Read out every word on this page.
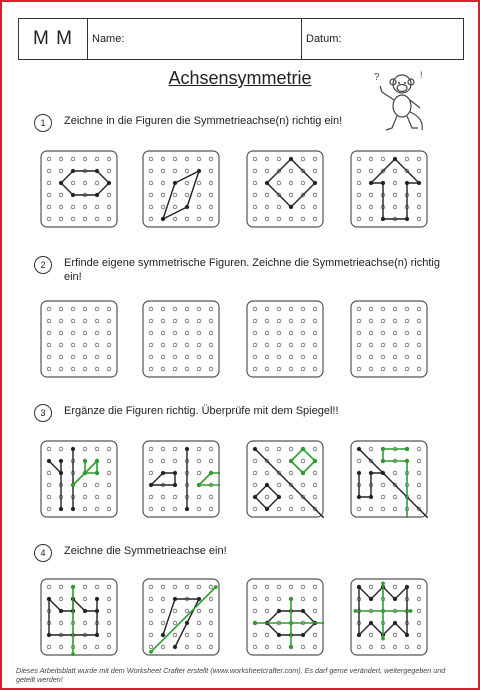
M M	Name:	Datum:
Achsensymmetrie	?	!
1	Zeichne in die Figuren die Symmetrieachse(n) richtig ein!
2	Erfinde eigene symmetrische Figuren. Zeichne die Symmetrieachse(n) richtig ein!
3	Ergänze die Figuren richtig. Überprüfe mit dem Spiegel!!
4	Zeichne die Symmetrieachse ein!
Dieses Arbeitsblatt wurde mit dem Worksheet Crafter erstellt (www.worksheetcrafter.com). Es darf gerne verändert, weitergegeben und geteilt werden!
